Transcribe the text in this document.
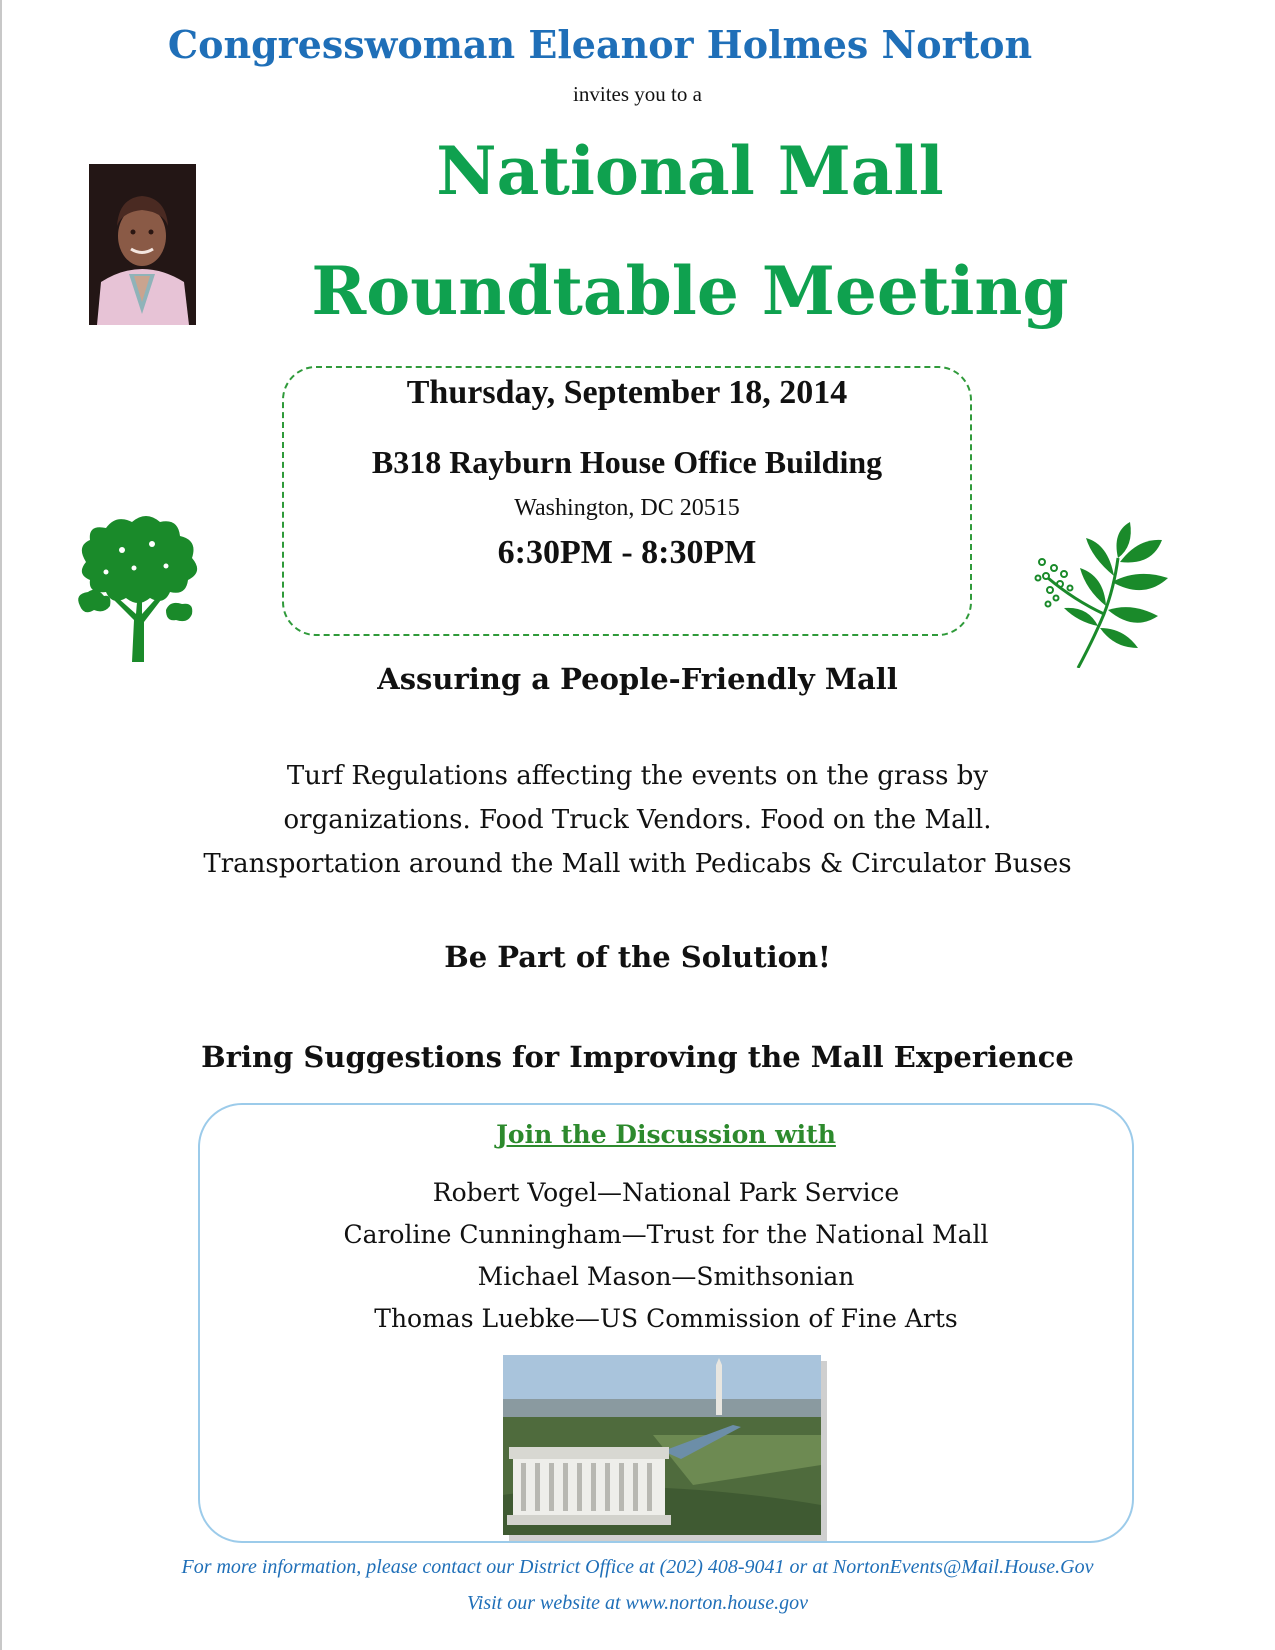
Congresswoman Eleanor Holmes Norton
invites you to a
National Mall
Roundtable Meeting
Thursday, September 18, 2014
B318 Rayburn House Office Building
Washington, DC 20515
6:30PM - 8:30PM
Assuring a People-Friendly Mall
Turf Regulations affecting the events on the grass by
organizations. Food Truck Vendors. Food on the Mall.
Transportation around the Mall with Pedicabs & Circulator Buses
Be Part of the Solution!
Bring Suggestions for Improving the Mall Experience
Join the Discussion with
Robert Vogel—National Park Service
Caroline Cunningham—Trust for the National Mall
Michael Mason—Smithsonian
Thomas Luebke—US Commission of Fine Arts
For more information, please contact our District Office at (202) 408-9041 or at NortonEvents@Mail.House.Gov
Visit our website at www.norton.house.gov
